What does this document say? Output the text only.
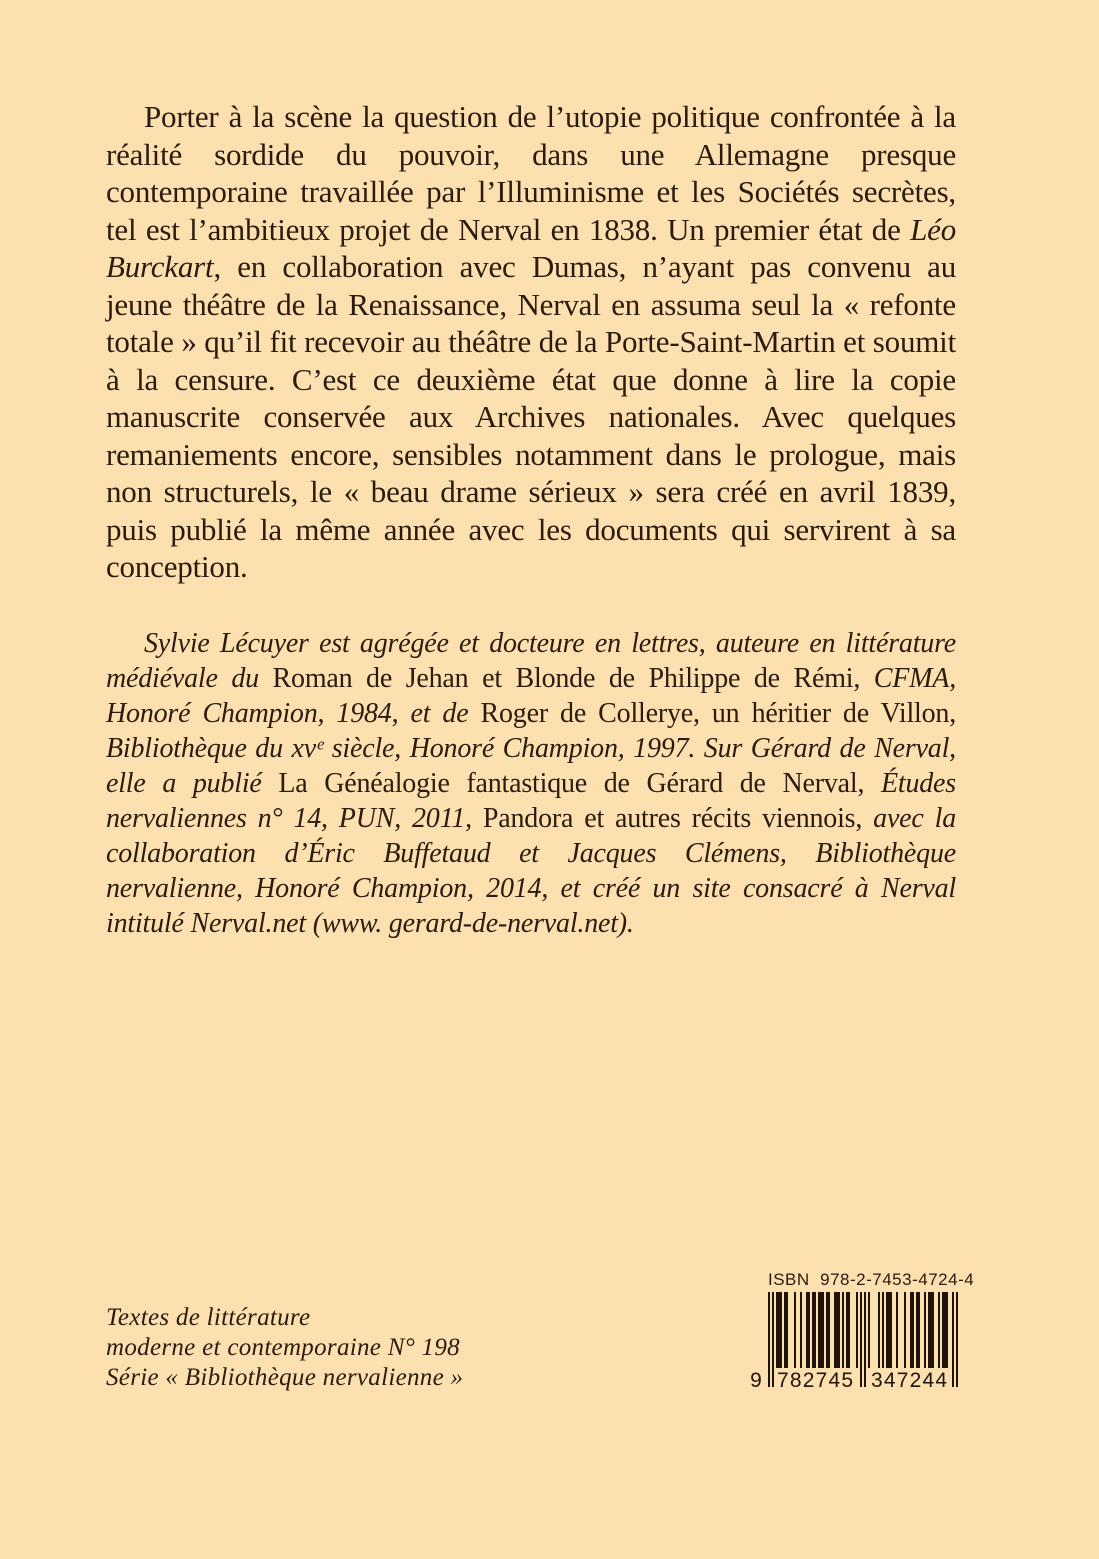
Porter à la scène la question de l’utopie politique confrontée à la réalité sordide du pouvoir, dans une Allemagne presque contemporaine travaillée par l’Illuminisme et les Sociétés secrètes, tel est l’ambitieux projet de Nerval en 1838. Un premier état de Léo Burckart, en collaboration avec Dumas, n’ayant pas convenu au jeune théâtre de la Renaissance, Nerval en assuma seul la « refonte totale » qu’il fit recevoir au théâtre de la Porte-Saint-Martin et soumit à la censure. C’est ce deuxième état que donne à lire la copie manuscrite conservée aux Archives nationales. Avec quelques remaniements encore, sensibles notamment dans le prologue, mais non structurels, le « beau drame sérieux » sera créé en avril 1839, puis publié la même année avec les documents qui servirent à sa conception.

Sylvie Lécuyer est agrégée et docteure en lettres, auteure en littérature médiévale du Roman de Jehan et Blonde de Philippe de Rémi, CFMA, Honoré Champion, 1984, et de Roger de Collerye, un héritier de Villon, Bibliothèque du xvᵉ siècle, Honoré Champion, 1997. Sur Gérard de Nerval, elle a publié La Généalogie fantastique de Gérard de Nerval, Études nervaliennes n° 14, PUN, 2011, Pandora et autres récits viennois, avec la collaboration d’Éric Buffetaud et Jacques Clémens, Bibliothèque nervalienne, Honoré Champion, 2014, et créé un site consacré à Nerval intitulé Nerval.net (www. gerard-de-nerval.net).

Textes de littérature
moderne et contemporaine N° 198
Série « Bibliothèque nervalienne »
ISBN  978-2-7453-4724-4
9 782745 347244
